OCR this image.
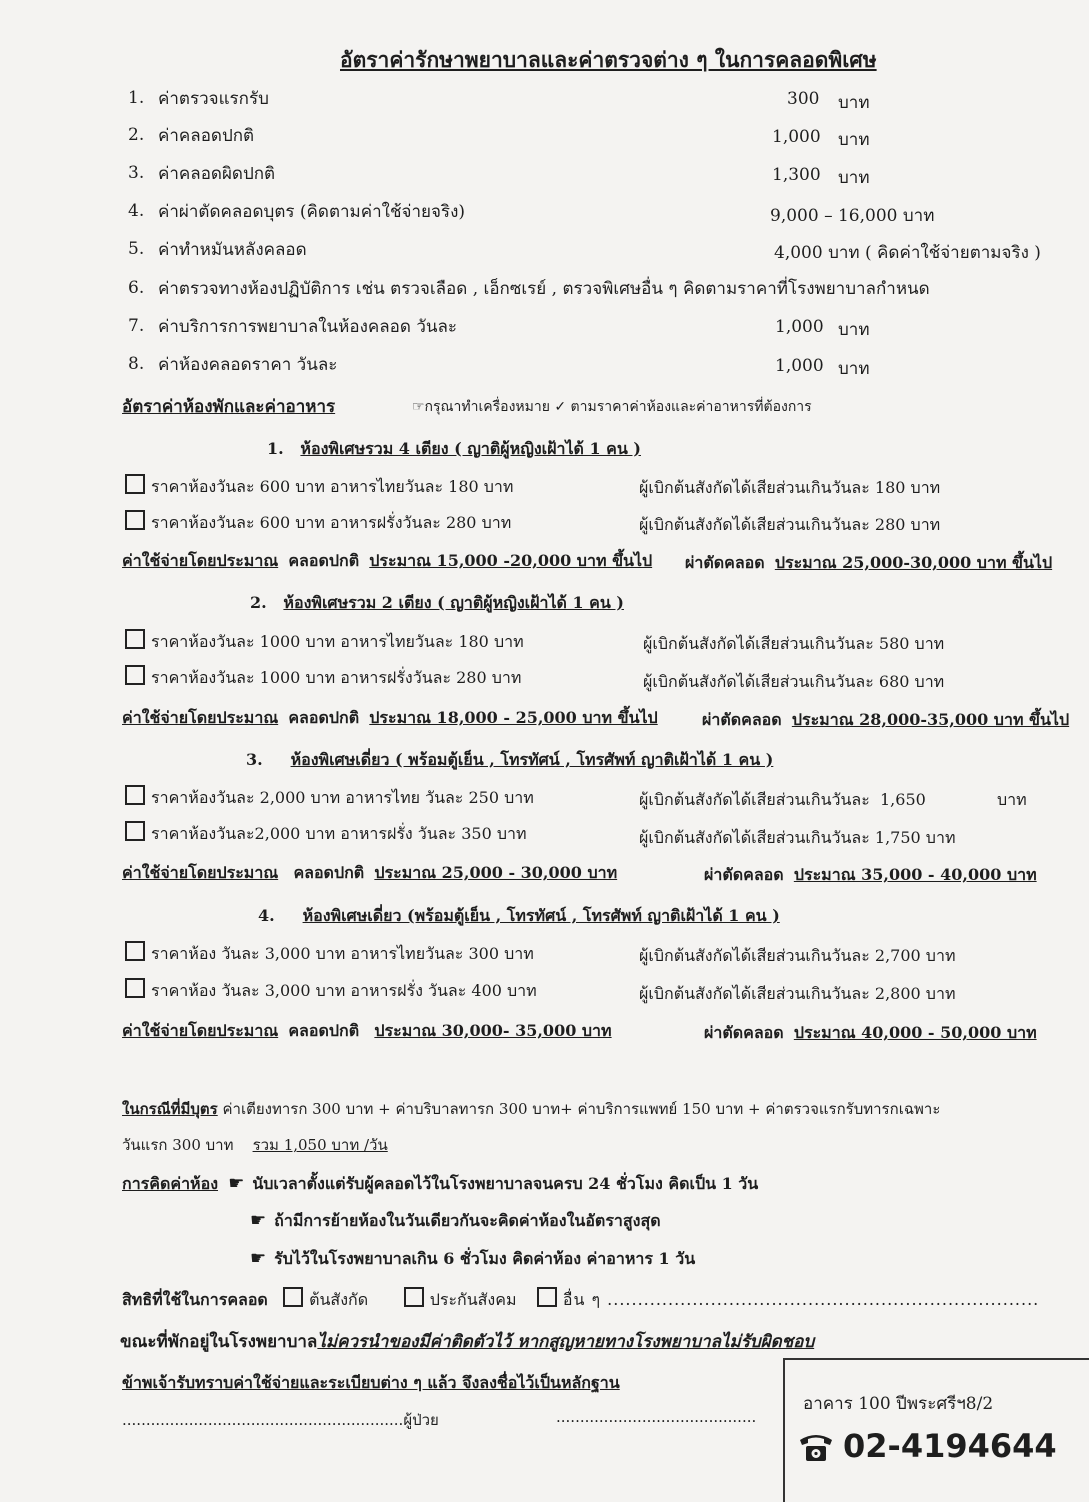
อัตราค่ารักษาพยาบาลและค่าตรวจต่าง ๆ ในการคลอดพิเศษ
1. ค่าตรวจแรกรับ	300 บาท
2. ค่าคลอดปกติ	1,000 บาท
3. ค่าคลอดผิดปกติ	1,300 บาท
4. ค่าผ่าตัดคลอดบุตร (คิดตามค่าใช้จ่ายจริง)	9,000 – 16,000 บาท
5. ค่าทำหมันหลังคลอด	4,000 บาท ( คิดค่าใช้จ่ายตามจริง )
6. ค่าตรวจทางห้องปฏิบัติการ เช่น ตรวจเลือด , เอ็กซเรย์ , ตรวจพิเศษอื่น ๆ คิดตามราคาที่โรงพยาบาลกำหนด
7. ค่าบริการการพยาบาลในห้องคลอด วันละ	1,000 บาท
8. ค่าห้องคลอดราคา วันละ	1,000 บาท
อัตราค่าห้องพักและค่าอาหาร	☞กรุณาทำเครื่องหมาย ✓ ตามราคาค่าห้องและค่าอาหารที่ต้องการ
1. ห้องพิเศษรวม 4 เตียง ( ญาติผู้หญิงเฝ้าได้ 1 คน )
ราคาห้องวันละ 600 บาท อาหารไทยวันละ 180 บาท	ผู้เบิกต้นสังกัดได้เสียส่วนเกินวันละ 180 บาท
ราคาห้องวันละ 600 บาท อาหารฝรั่งวันละ 280 บาท	ผู้เบิกต้นสังกัดได้เสียส่วนเกินวันละ 280 บาท
ค่าใช้จ่ายโดยประมาณ คลอดปกติ ประมาณ 15,000 -20,000 บาท ขึ้นไป ผ่าตัดคลอด ประมาณ 25,000-30,000 บาท ขึ้นไป
2. ห้องพิเศษรวม 2 เตียง ( ญาติผู้หญิงเฝ้าได้ 1 คน )
ราคาห้องวันละ 1000 บาท อาหารไทยวันละ 180 บาท	ผู้เบิกต้นสังกัดได้เสียส่วนเกินวันละ 580 บาท
ราคาห้องวันละ 1000 บาท อาหารฝรั่งวันละ 280 บาท	ผู้เบิกต้นสังกัดได้เสียส่วนเกินวันละ 680 บาท
ค่าใช้จ่ายโดยประมาณ คลอดปกติ ประมาณ 18,000 - 25,000 บาท ขึ้นไป	ผ่าตัดคลอด ประมาณ 28,000-35,000 บาท ขึ้นไป
3. ห้องพิเศษเดี่ยว ( พร้อมตู้เย็น , โทรทัศน์ , โทรศัพท์ ญาติเฝ้าได้ 1 คน )
ราคาห้องวันละ 2,000 บาท อาหารไทย วันละ 250 บาท	ผู้เบิกต้นสังกัดได้เสียส่วนเกินวันละ  1,650              บาท
ราคาห้องวันละ2,000 บาท อาหารฝรั่ง วันละ 350 บาท	ผู้เบิกต้นสังกัดได้เสียส่วนเกินวันละ 1,750 บาท
ค่าใช้จ่ายโดยประมาณ คลอดปกติ ประมาณ 25,000 - 30,000 บาท	ผ่าตัดคลอด ประมาณ 35,000 - 40,000 บาท
4. ห้องพิเศษเดี่ยว (พร้อมตู้เย็น , โทรทัศน์ , โทรศัพท์ ญาติเฝ้าได้ 1 คน )
ราคาห้อง วันละ 3,000 บาท อาหารไทยวันละ 300 บาท	ผู้เบิกต้นสังกัดได้เสียส่วนเกินวันละ 2,700 บาท
ราคาห้อง วันละ 3,000 บาท อาหารฝรั่ง วันละ 400 บาท	ผู้เบิกต้นสังกัดได้เสียส่วนเกินวันละ 2,800 บาท
ค่าใช้จ่ายโดยประมาณ คลอดปกติ ประมาณ 30,000- 35,000 บาท	ผ่าตัดคลอด ประมาณ 40,000 - 50,000 บาท
ในกรณีที่มีบุตร ค่าเตียงทารก 300 บาท + ค่าบริบาลทารก 300 บาท+ ค่าบริการแพทย์ 150 บาท + ค่าตรวจแรกรับทารกเฉพาะ
วันแรก 300 บาท รวม 1,050 บาท /วัน
การคิดค่าห้อง ☛ นับเวลาตั้งแต่รับผู้คลอดไว้ในโรงพยาบาลจนครบ 24 ชั่วโมง คิดเป็น 1 วัน
☛ ถ้ามีการย้ายห้องในวันเดียวกันจะคิดค่าห้องในอัตราสูงสุด
☛ รับไว้ในโรงพยาบาลเกิน 6 ชั่วโมง คิดค่าห้อง ค่าอาหาร 1 วัน
สิทธิที่ใช้ในการคลอด	ต้นสังกัด	ประกันสังคม	อื่น ๆ .......................................................................
ขณะที่พักอยู่ในโรงพยาบาลไม่ควรนำของมีค่าติดตัวไว้ หากสูญหายทางโรงพยาบาลไม่รับผิดชอบ
ข้าพเจ้ารับทราบค่าใช้จ่ายและระเบียบต่าง ๆ แล้ว จึงลงชื่อไว้เป็นหลักฐาน
...........................................................ผู้ป่วย	..........................................
อาคาร 100 ปีพระศรีฯ8/2
02-4194644
